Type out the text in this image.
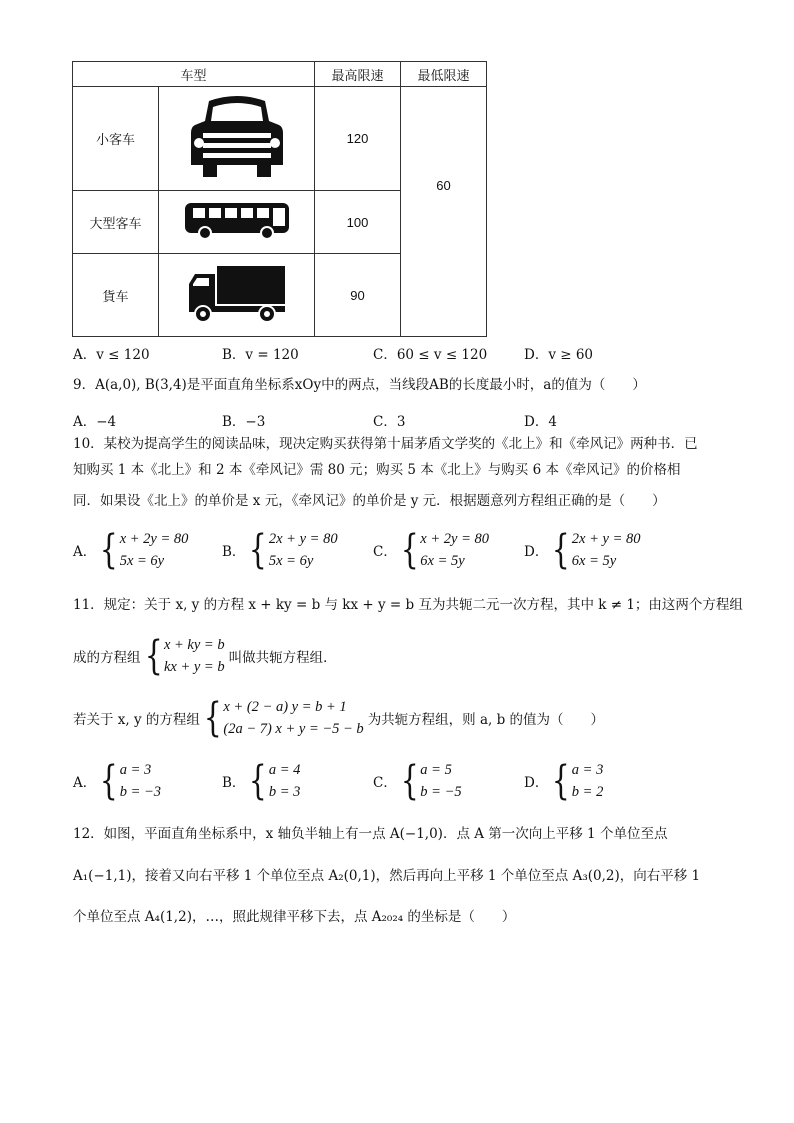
车型		最高限速	最低限速
小客车		120	60
大型客车		100	
貨车		90	
A．v ≤ 120	B．v = 120	C．60 ≤ v ≤ 120	D．v ≥ 60
9．A(a,0), B(3,4)是平面直角坐标系xOy中的两点，当线段AB的长度最小时，a的值为（　　）
A．−4	B．−3	C．3	D．4
10．某校为提高学生的阅读品味，现决定购买获得第十届茅盾文学奖的《北上》和《牵风记》两种书．已
知购买 1 本《北上》和 2 本《牵风记》需 80 元；购买 5 本《北上》与购买 6 本《牵风记》的价格相
同．如果设《北上》的单价是 x 元，《牵风记》的单价是 y 元．根据题意列方程组正确的是（　　）
A． { x + 2y = 80
5x = 6y
B． { 2x + y = 80
5x = 6y
C． { x + 2y = 80
6x = 5y
D． { 2x + y = 80
6x = 5y
11．规定：关于 x, y 的方程 x + ky = b 与 kx + y = b 互为共轭二元一次方程，其中 k ≠ 1；由这两个方程组
成的方程组 { x + ky = b
kx + y = b
叫做共轭方程组．
若关于 x, y 的方程组 { x + (2 − a) y = b + 1
(2a − 7) x + y = −5 − b
为共轭方程组，则 a, b 的值为（　　）
A． { a = 3
b = −3
B． { a = 4
b = 3
C． { a = 5
b = −5
D． { a = 3
b = 2
12．如图，平面直角坐标系中，x 轴负半轴上有一点 A(−1,0)．点 A 第一次向上平移 1 个单位至点
A₁(−1,1)，接着又向右平移 1 个单位至点 A₂(0,1)，然后再向上平移 1 个单位至点 A₃(0,2)，向右平移 1
个单位至点 A₄(1,2)，…，照此规律平移下去，点 A₂₀₂₄ 的坐标是（　　）
